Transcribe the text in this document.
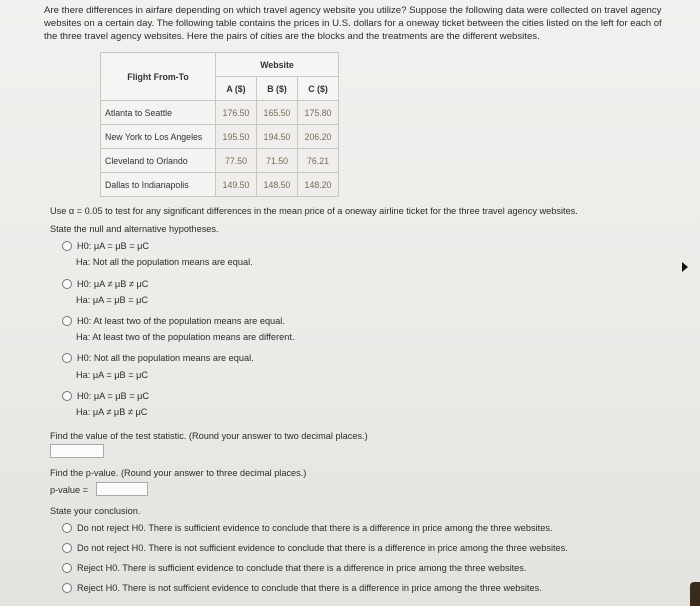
Are there differences in airfare depending on which travel agency website you utilize? Suppose the following data were collected on travel agency websites on a certain day. The following table contains the prices in U.S. dollars for a oneway ticket between the cities listed on the left for each of the three travel agency websites. Here the pairs of cities are the blocks and the treatments are the different websites.
Flight From-To	Website		
	A ($)	B ($)	C ($)
Atlanta to Seattle	176.50	165.50	175.80
New York to Los Angeles	195.50	194.50	206.20
Cleveland to Orlando	77.50	71.50	76.21
Dallas to Indianapolis	149.50	148.50	148.20
Use α = 0.05 to test for any significant differences in the mean price of a oneway airline ticket for the three travel agency websites.
State the null and alternative hypotheses.
H0: μA = μB = μC
Ha: Not all the population means are equal.
H0: μA ≠ μB ≠ μC
Ha: μA = μB = μC
H0: At least two of the population means are equal.
Ha: At least two of the population means are different.
H0: Not all the population means are equal.
Ha: μA = μB = μC
H0: μA = μB = μC
Ha: μA ≠ μB ≠ μC
Find the value of the test statistic. (Round your answer to two decimal places.)
Find the p-value. (Round your answer to three decimal places.)
p-value =
State your conclusion.
Do not reject H0. There is sufficient evidence to conclude that there is a difference in price among the three websites.
Do not reject H0. There is not sufficient evidence to conclude that there is a difference in price among the three websites.
Reject H0. There is sufficient evidence to conclude that there is a difference in price among the three websites.
Reject H0. There is not sufficient evidence to conclude that there is a difference in price among the three websites.
